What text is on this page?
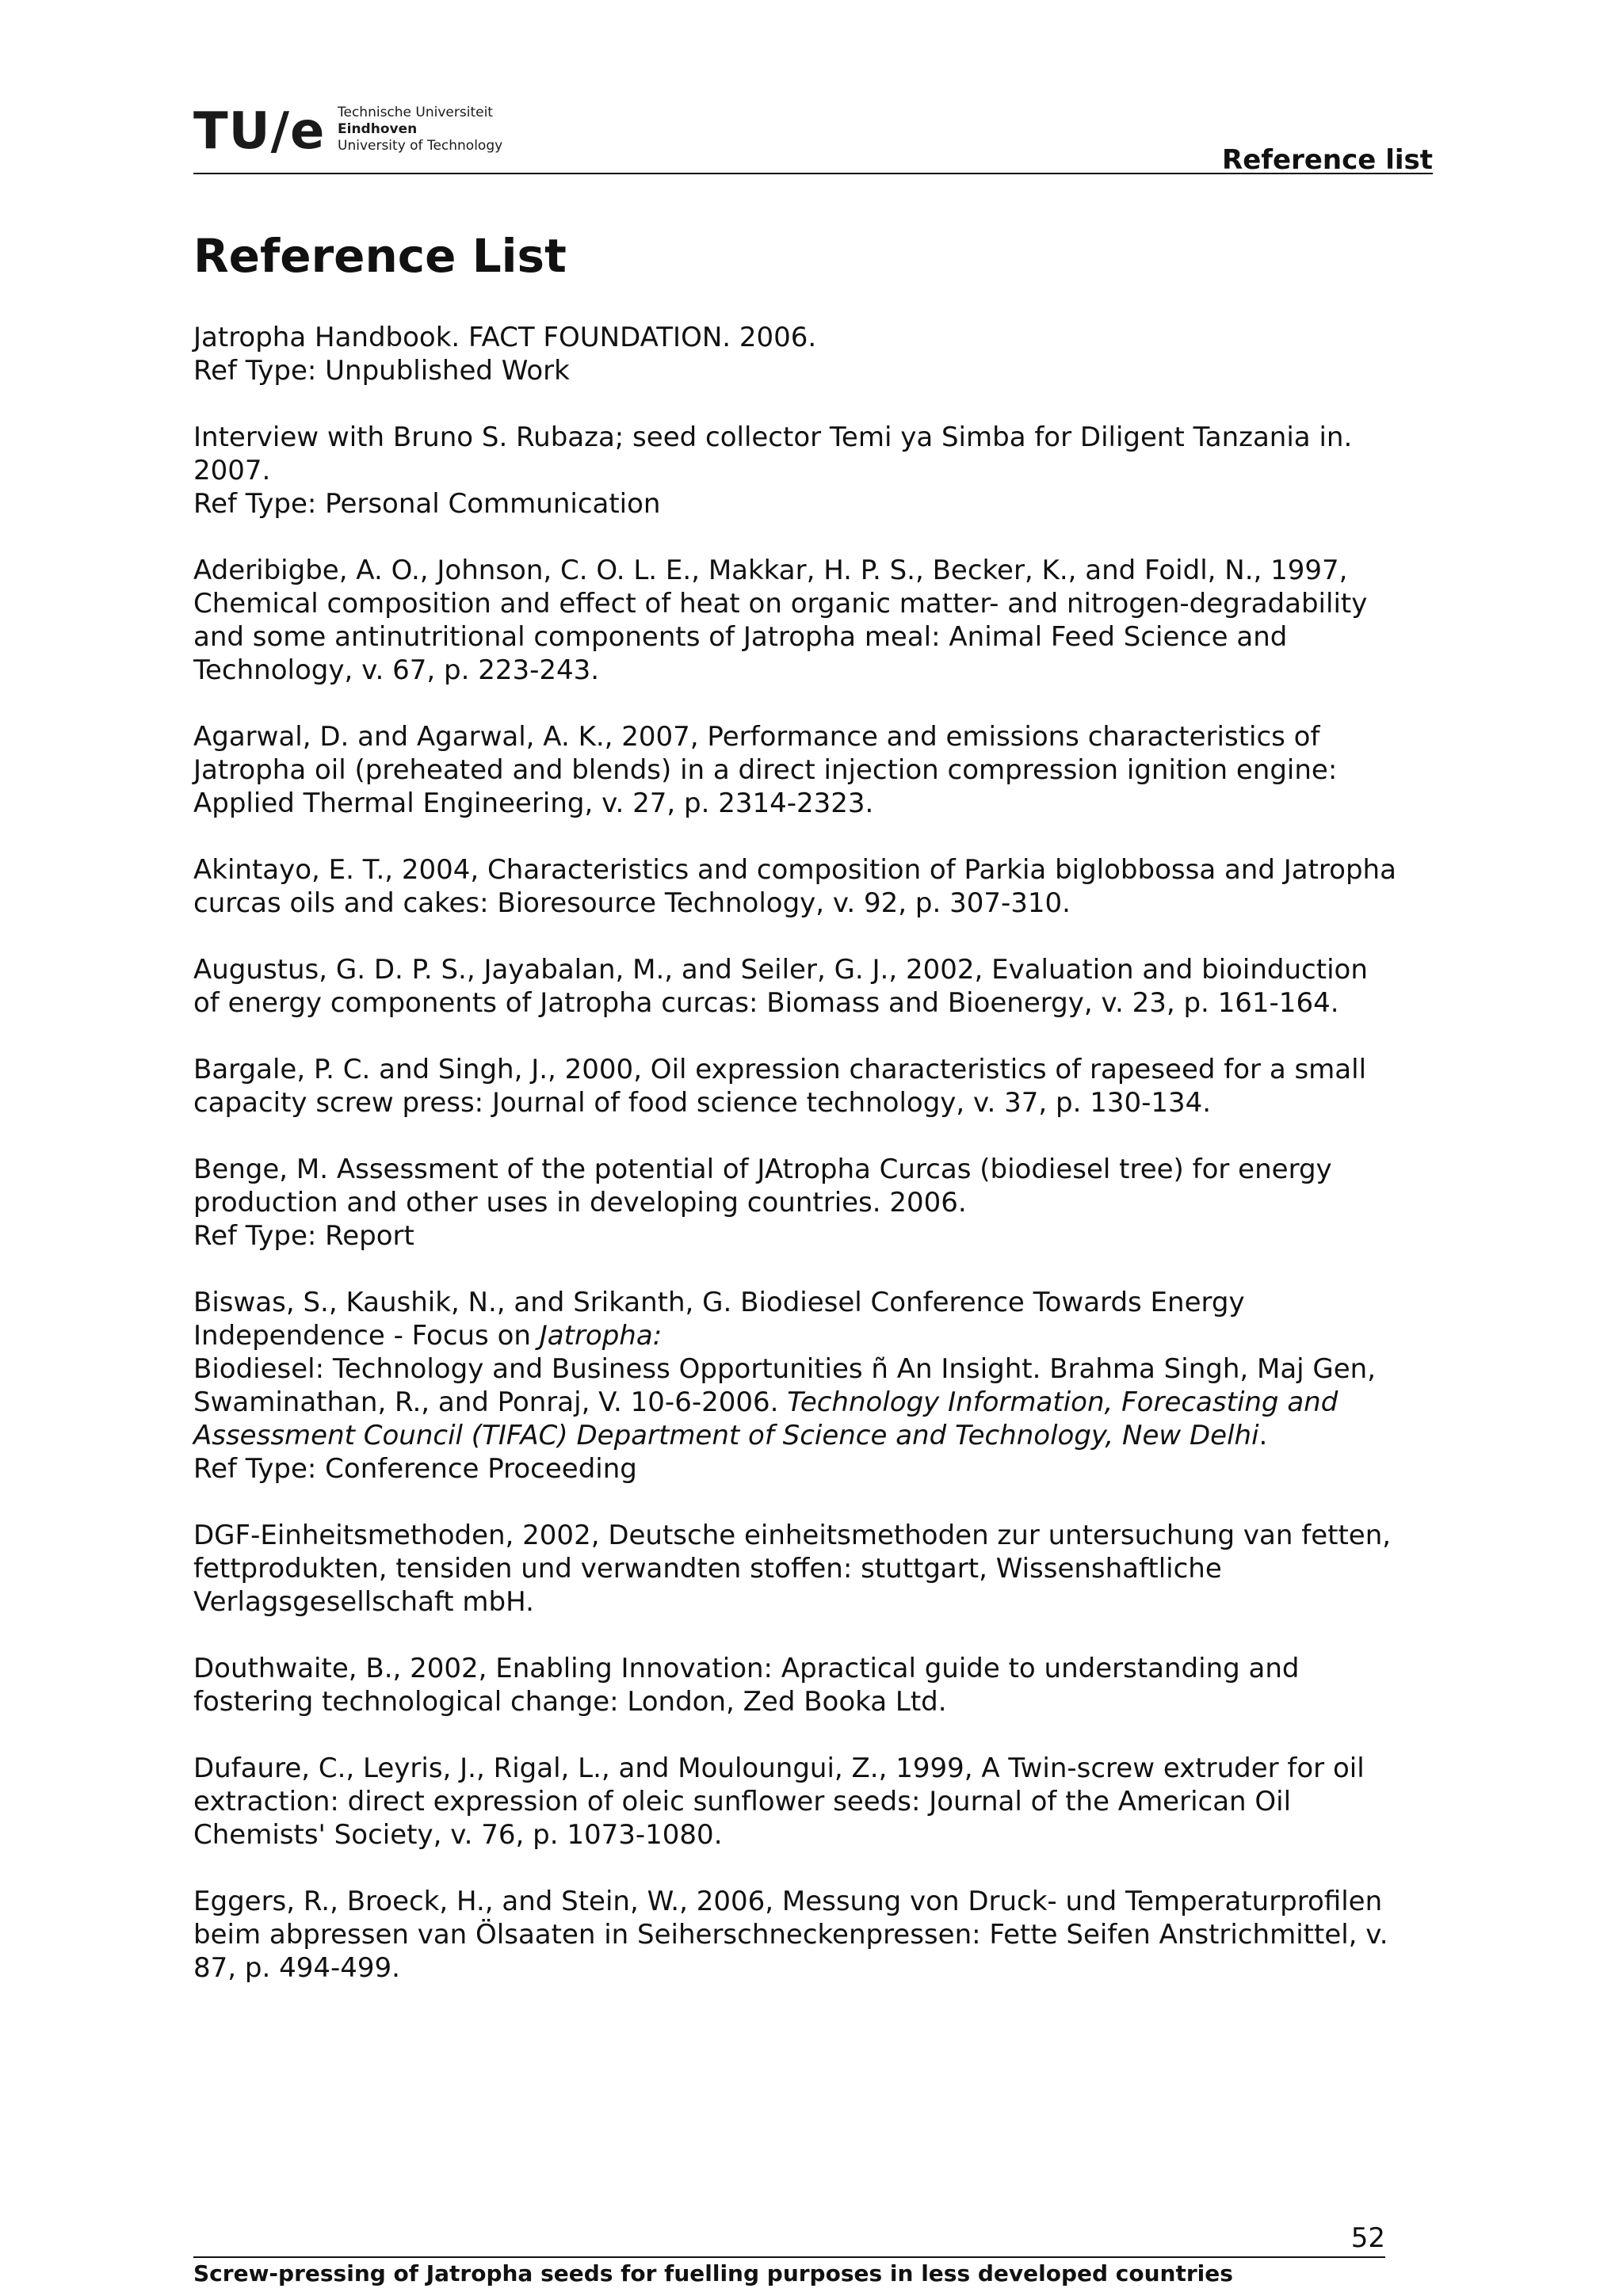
TU/e Technische Universiteit
Eindhoven
University of Technology	Reference list
Reference List

Jatropha Handbook. FACT FOUNDATION. 2006.

Ref Type: Unpublished Work

Interview with Bruno S. Rubaza; seed collector Temi ya Simba for Diligent Tanzania in.

2007.

Ref Type: Personal Communication

Aderibigbe, A. O., Johnson, C. O. L. E., Makkar, H. P. S., Becker, K., and Foidl, N., 1997,

Chemical composition and effect of heat on organic matter- and nitrogen-degradability

and some antinutritional components of Jatropha meal: Animal Feed Science and

Technology, v. 67, p. 223-243.

Agarwal, D. and Agarwal, A. K., 2007, Performance and emissions characteristics of

Jatropha oil (preheated and blends) in a direct injection compression ignition engine:

Applied Thermal Engineering, v. 27, p. 2314-2323.

Akintayo, E. T., 2004, Characteristics and composition of Parkia biglobbossa and Jatropha

curcas oils and cakes: Bioresource Technology, v. 92, p. 307-310.

Augustus, G. D. P. S., Jayabalan, M., and Seiler, G. J., 2002, Evaluation and bioinduction

of energy components of Jatropha curcas: Biomass and Bioenergy, v. 23, p. 161-164.

Bargale, P. C. and Singh, J., 2000, Oil expression characteristics of rapeseed for a small

capacity screw press: Journal of food science technology, v. 37, p. 130-134.

Benge, M. Assessment of the potential of JAtropha Curcas (biodiesel tree) for energy

production and other uses in developing countries. 2006.

Ref Type: Report

Biswas, S., Kaushik, N., and Srikanth, G. Biodiesel Conference Towards Energy

Independence - Focus on Jatropha:

Biodiesel: Technology and Business Opportunities ñ An Insight. Brahma Singh, Maj Gen,

Swaminathan, R., and Ponraj, V. 10-6-2006. Technology Information, Forecasting and

Assessment Council (TIFAC) Department of Science and Technology, New Delhi.

Ref Type: Conference Proceeding

DGF-Einheitsmethoden, 2002, Deutsche einheitsmethoden zur untersuchung van fetten,

fettprodukten, tensiden und verwandten stoffen: stuttgart, Wissenshaftliche

Verlagsgesellschaft mbH.

Douthwaite, B., 2002, Enabling Innovation: Apractical guide to understanding and

fostering technological change: London, Zed Booka Ltd.

Dufaure, C., Leyris, J., Rigal, L., and Mouloungui, Z., 1999, A Twin-screw extruder for oil

extraction: direct expression of oleic sunflower seeds: Journal of the American Oil

Chemists' Society, v. 76, p. 1073-1080.

Eggers, R., Broeck, H., and Stein, W., 2006, Messung von Druck- und Temperaturprofilen

beim abpressen van Ölsaaten in Seiherschneckenpressen: Fette Seifen Anstrichmittel, v.

87, p. 494-499.

52
Screw-pressing of Jatropha seeds for fuelling purposes in less developed countries
